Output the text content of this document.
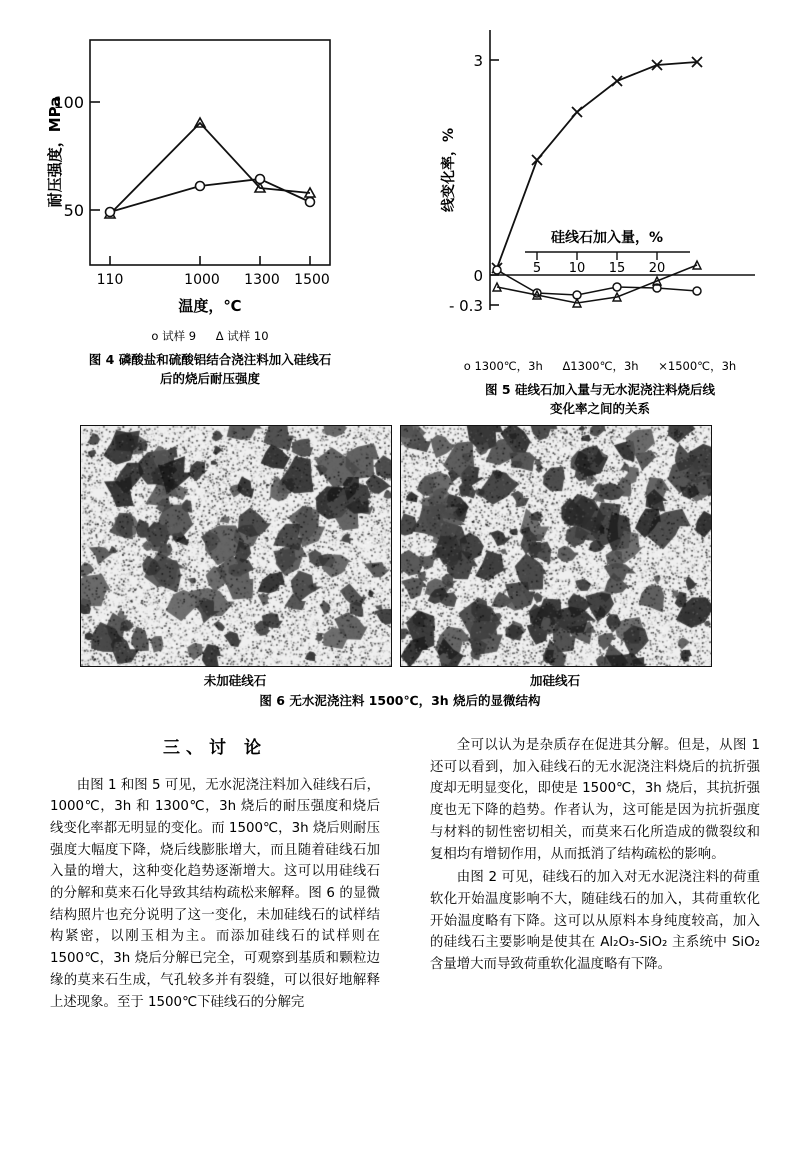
100
50
110	1000 1300 1500
温度，℃
耐压强度，MPa
o 试样 9 Δ 试样 10
图 4 磷酸盐和硫酸铝结合浇注料加入硅线石
后的烧后耐压强度
3
0
- 0.3
5 10 15 20
硅线石加入量，%
线变化率，%
o 1300℃，3h Δ1300℃，3h ×1500℃，3h
图 5 硅线石加入量与无水泥浇注料烧后线
变化率之间的关系
未加硅线石	加硅线石
图 6 无水泥浇注料 1500℃，3h 烧后的显微结构
三、讨 论

由图 1 和图 5 可见，无水泥浇注料加入硅线石后，1000℃，3h 和 1300℃，3h 烧后的耐压强度和烧后线变化率都无明显的变化。而 1500℃，3h 烧后则耐压强度大幅度下降，烧后线膨胀增大，而且随着硅线石加入量的增大，这种变化趋势逐渐增大。这可以用硅线石的分解和莫来石化导致其结构疏松来解释。图 6 的显微结构照片也充分说明了这一变化，未加硅线石的试样结构紧密，以刚玉相为主。而添加硅线石的试样则在 1500℃，3h 烧后分解已完全，可观察到基质和颗粒边缘的莫来石生成，气孔较多并有裂缝，可以很好地解释上述现象。至于 1500℃下硅线石的分解完

全可以认为是杂质存在促进其分解。但是，从图 1 还可以看到，加入硅线石的无水泥浇注料烧后的抗折强度却无明显变化，即使是 1500℃，3h 烧后，其抗折强度也无下降的趋势。作者认为，这可能是因为抗折强度与材料的韧性密切相关，而莫来石化所造成的微裂纹和复相均有增韧作用，从而抵消了结构疏松的影响。

由图 2 可见，硅线石的加入对无水泥浇注料的荷重软化开始温度影响不大，随硅线石的加入，其荷重软化开始温度略有下降。这可以从原料本身纯度较高，加入的硅线石主要影响是使其在 Al₂O₃-SiO₂ 主系统中 SiO₂ 含量增大而导致荷重软化温度略有下降。
